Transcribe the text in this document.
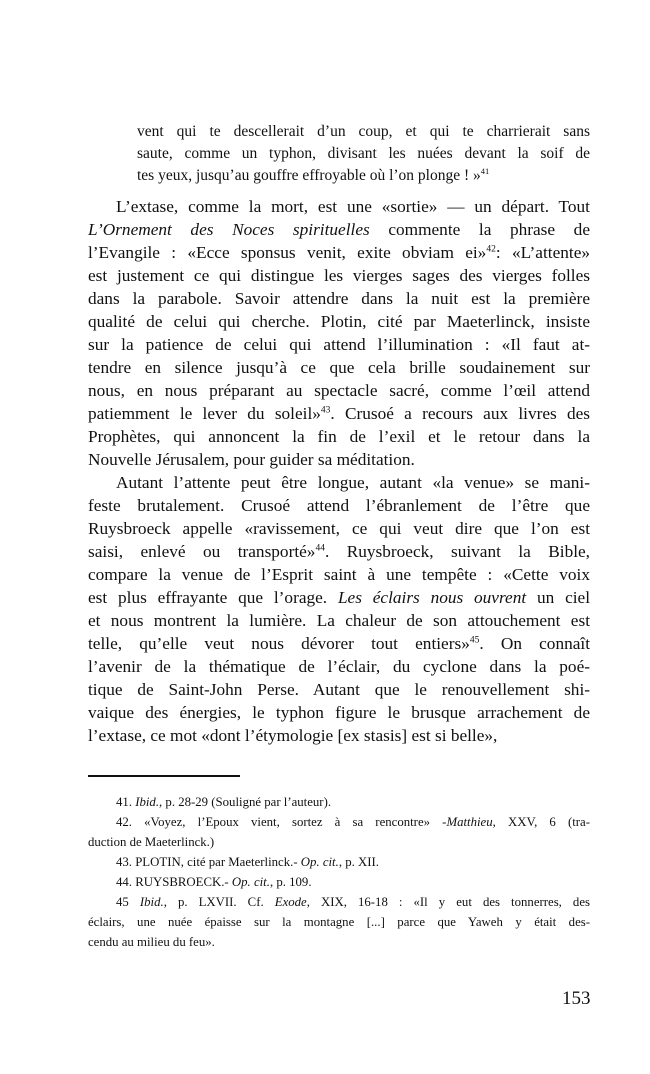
vent qui te descellerait d’un coup, et qui te charrierait sans
saute, comme un typhon, divisant les nuées devant la soif de
tes yeux, jusqu’au gouffre effroyable où l’on plonge ! »$^{41}$
L’extase, comme la mort, est une «sortie» –– un départ. Tout
L’Ornement des Noces spirituelles commente la phrase de
l’Evangile : «Ecce sponsus venit, exite obviam ei»$^{42}$: «L’attente»
est justement ce qui distingue les vierges sages des vierges folles
dans la parabole. Savoir attendre dans la nuit est la première
qualité de celui qui cherche. Plotin, cité par Maeterlinck, insiste
sur la patience de celui qui attend l’illumination : «Il faut at-
tendre en silence jusqu’à ce que cela brille soudainement sur
nous, en nous préparant au spectacle sacré, comme l’œil attend
patiemment le lever du soleil»$^{43}$. Crusoé a recours aux livres des
Prophètes, qui annoncent la fin de l’exil et le retour dans la
Nouvelle Jérusalem, pour guider sa méditation.
Autant l’attente peut être longue, autant «la venue» se mani-
feste brutalement. Crusoé attend l’ébranlement de l’être que
Ruysbroeck appelle «ravissement, ce qui veut dire que l’on est
saisi, enlevé ou transporté»$^{44}$. Ruysbroeck, suivant la Bible,
compare la venue de l’Esprit saint à une tempête : «Cette voix
est plus effrayante que l’orage. Les éclairs nous ouvrent un ciel
et nous montrent la lumière. La chaleur de son attouchement est
telle, qu’elle veut nous dévorer tout entiers»$^{45}$. On connaît
l’avenir de la thématique de l’éclair, du cyclone dans la poé-
tique de Saint-John Perse. Autant que le renouvellement shi-
vaique des énergies, le typhon figure le brusque arrachement de
l’extase, ce mot «dont l’étymologie [ex stasis] est si belle»,
41. Ibid., p. 28-29 (Souligné par l’auteur).
42. «Voyez, l’Epoux vient, sortez à sa rencontre» -Matthieu, XXV, 6 (tra-
duction de Maeterlinck.)
43. PLOTIN, cité par Maeterlinck.- Op. cit., p. XII.
44. RUYSBROECK.- Op. cit., p. 109.
45 Ibid., p. LXVII. Cf. Exode, XIX, 16-18 : «Il y eut des tonnerres, des
éclairs, une nuée épaisse sur la montagne [...] parce que Yaweh y était des-
cendu au milieu du feu».
153
